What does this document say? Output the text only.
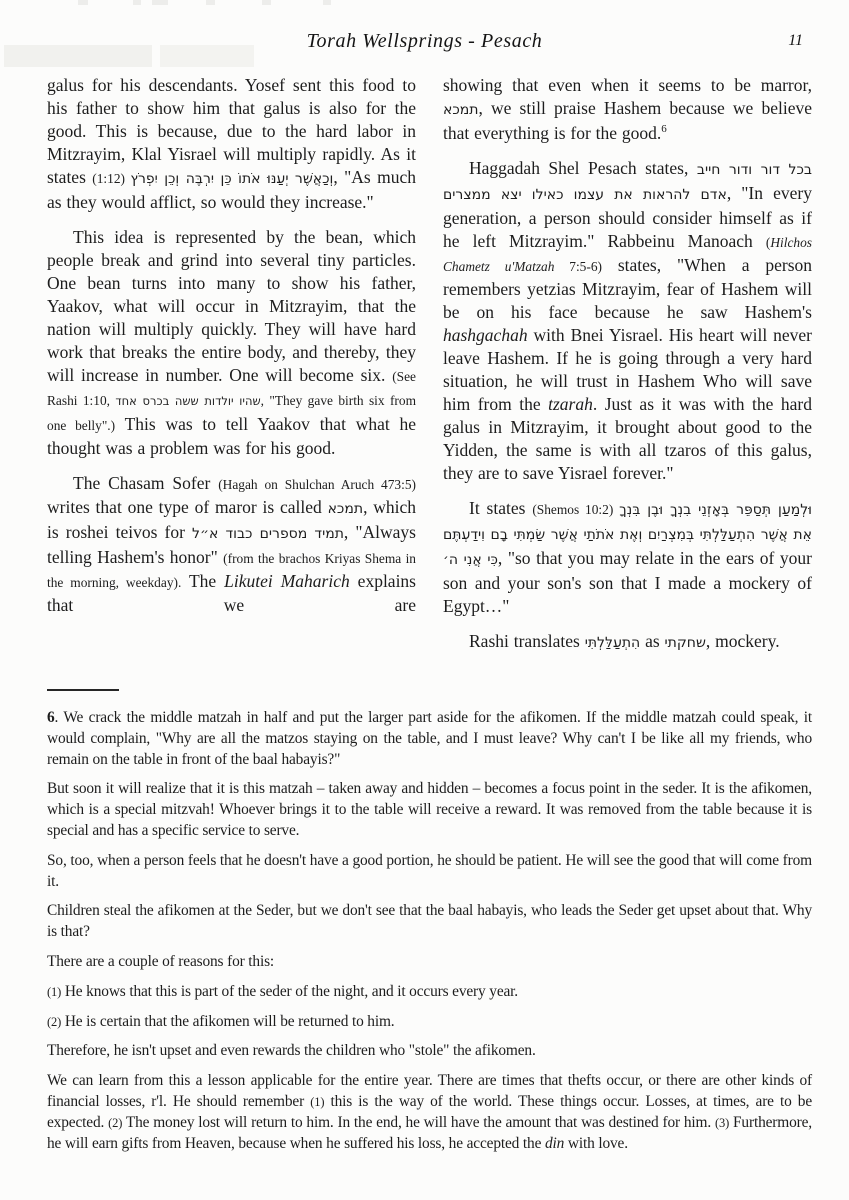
Torah Wellsprings - Pesach	11

galus for his descendants. Yosef sent this food to his father to show him that galus is also for the good. This is because, due to the hard labor in Mitzrayim, Klal Yisrael will multiply rapidly. As it states (1:12) וְכַאֲשֶׁר יְעַנּוּ אֹתוֹ כֵּן יִרְבֶּה וְכֵן יִפְרֹץ, "As much as they would afflict, so would they increase."

This idea is represented by the bean, which people break and grind into several tiny particles. One bean turns into many to show his father, Yaakov, what will occur in Mitzrayim, that the nation will multiply quickly. They will have hard work that breaks the entire body, and thereby, they will increase in number. One will become six. (See Rashi 1:10, שהיו יולדות ששה בכרס אחד, "They gave birth six from one belly".) This was to tell Yaakov that what he thought was a problem was for his good.

The Chasam Sofer (Hagah on Shulchan Aruch 473:5) writes that one type of maror is called תמכא, which is roshei teivos for תמיד מספרים כבוד א״ל, "Always telling Hashem's honor" (from the brachos Kriyas Shema in the morning, weekday). The Likutei Maharich explains that we are

showing that even when it seems to be marror, תמכא, we still praise Hashem because we believe that everything is for the good.$^6$

Haggadah Shel Pesach states, בכל דור ודור חייב אדם להראות את עצמו כאילו יצא ממצרים, "In every generation, a person should consider himself as if he left Mitzrayim." Rabbeinu Manoach (Hilchos Chametz u'Matzah 7:5-6) states, "When a person remembers yetzias Mitzrayim, fear of Hashem will be on his face because he saw Hashem's hashgachah with Bnei Yisrael. His heart will never leave Hashem. If he is going through a very hard situation, he will trust in Hashem Who will save him from the tzarah. Just as it was with the hard galus in Mitzrayim, it brought about good to the Yidden, the same is with all tzaros of this galus, they are to save Yisrael forever."

It states (Shemos 10:2) וּלְמַעַן תְּסַפֵּר בְּאָזְנֵי בִנְךָ וּבֶן בִּנְךָ אֵת אֲשֶׁר הִתְעַלַּלְתִּי בְּמִצְרַיִם וְאֶת אֹתֹתַי אֲשֶׁר שַׂמְתִּי בָם וִידַעְתֶּם כִּי אֲנִי ה׳, "so that you may relate in the ears of your son and your son's son that I made a mockery of Egypt…"

Rashi translates הִתְעַלַּלְתִּי as שחקתי, mockery.

6. We crack the middle matzah in half and put the larger part aside for the afikomen. If the middle matzah could speak, it would complain, "Why are all the matzos staying on the table, and I must leave? Why can't I be like all my friends, who remain on the table in front of the baal habayis?"

But soon it will realize that it is this matzah – taken away and hidden – becomes a focus point in the seder. It is the afikomen, which is a special mitzvah! Whoever brings it to the table will receive a reward. It was removed from the table because it is special and has a specific service to serve.

So, too, when a person feels that he doesn't have a good portion, he should be patient. He will see the good that will come from it.

Children steal the afikomen at the Seder, but we don't see that the baal habayis, who leads the Seder get upset about that. Why is that?

There are a couple of reasons for this:

(1) He knows that this is part of the seder of the night, and it occurs every year.

(2) He is certain that the afikomen will be returned to him.

Therefore, he isn't upset and even rewards the children who "stole" the afikomen.

We can learn from this a lesson applicable for the entire year. There are times that thefts occur, or there are other kinds of financial losses, r'l. He should remember (1) this is the way of the world. These things occur. Losses, at times, are to be expected. (2) The money lost will return to him. In the end, he will have the amount that was destined for him. (3) Furthermore, he will earn gifts from Heaven, because when he suffered his loss, he accepted the din with love.
